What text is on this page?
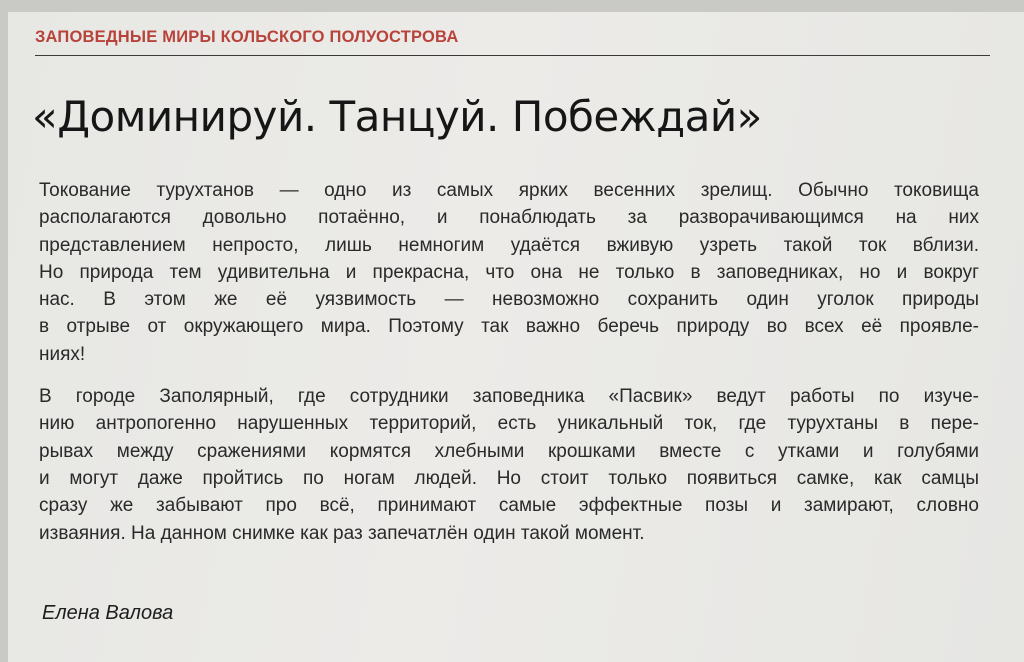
ЗАПОВЕДНЫЕ МИРЫ КОЛЬСКОГО ПОЛУОСТРОВА
«Доминируй. Танцуй. Побеждай»
Токование турухтанов — одно из самых ярких весенних зрелищ. Обычно токовища
располагаются довольно потаённо, и понаблюдать за разворачивающимся на них
представлением непросто, лишь немногим удаётся вживую узреть такой ток вблизи.
Но природа тем удивительна и прекрасна, что она не только в заповедниках, но и вокруг
нас. В этом же её уязвимость — невозможно сохранить один уголок природы
в отрыве от окружающего мира. Поэтому так важно беречь природу во всех её проявле-
ниях!
В городе Заполярный, где сотрудники заповедника «Пасвик» ведут работы по изуче-
нию антропогенно нарушенных территорий, есть уникальный ток, где турухтаны в пере-
рывах между сражениями кормятся хлебными крошками вместе с утками и голубями
и могут даже пройтись по ногам людей. Но стоит только появиться самке, как самцы
сразу же забывают про всё, принимают самые эффектные позы и замирают, словно
изваяния. На данном снимке как раз запечатлён один такой момент.
Елена Валова
